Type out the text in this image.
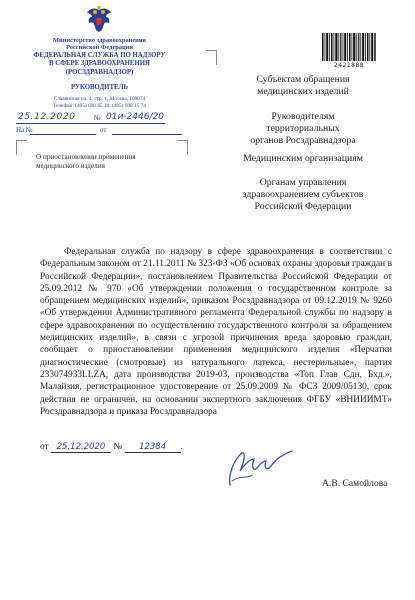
Министерство здравоохранения
Российской Федерации
ФЕДЕРАЛЬНАЯ СЛУЖБА ПО НАДЗОРУ
В СФЕРЕ ЗДРАВООХРАНЕНИЯ
(РОСЗДРАВНАДЗОР)
РУКОВОДИТЕЛЬ
Славянская пл. 4, стр. 1, Москва, 109074
Телефон: (495) 698 45 38; (495) 698 15 74
25.12.2020	№ 01и-2446/20
На №	от
О приостановлении применения
медицинского изделия
2421888
Субъектам обращения
медицинских изделий
Руководителям
территориальных
органов Росздравнадзора
Медицинским организациям
Органам управления
здравоохранением субъектов
Российской Федерации

Федеральная служба по надзору в сфере здравоохранения в соответствии с Федеральным законом от 21.11.2011 № 323-ФЗ «Об основах охраны здоровья граждан в Российской Федерации», постановлением Правительства Российской Федерации от 25.09.2012 № 970 «Об утверждении положения о государственном контроле за обращением медицинских изделий», приказом Росздравнадзора от 09.12.2019 № 9260 «Об утверждении Административного регламента Федеральной службы по надзору в сфере здравоохранения по осуществлению государственного контроля за обращением медицинских изделий», в связи с угрозой причинения вреда здоровью граждан, сообщает о приостановлении применения медицинского изделия «Перчатки диагностические (смотровые) из натурального латекса, нестерильные», партия 233074933LLZA, дата производства 2019-03, производства «Топ Глав Сдн, Бхд.», Малайзия, регистрационное удостоверение от 25.09.2009 № ФСЗ 2009/05130, срок действия не ограничен, на основании экспертного заключения ФГБУ «ВНИИИМТ» Росздравнадзора и приказа Росздравнадзора

от 25.12.2020 № 12384 .
А.В. Самойлова
